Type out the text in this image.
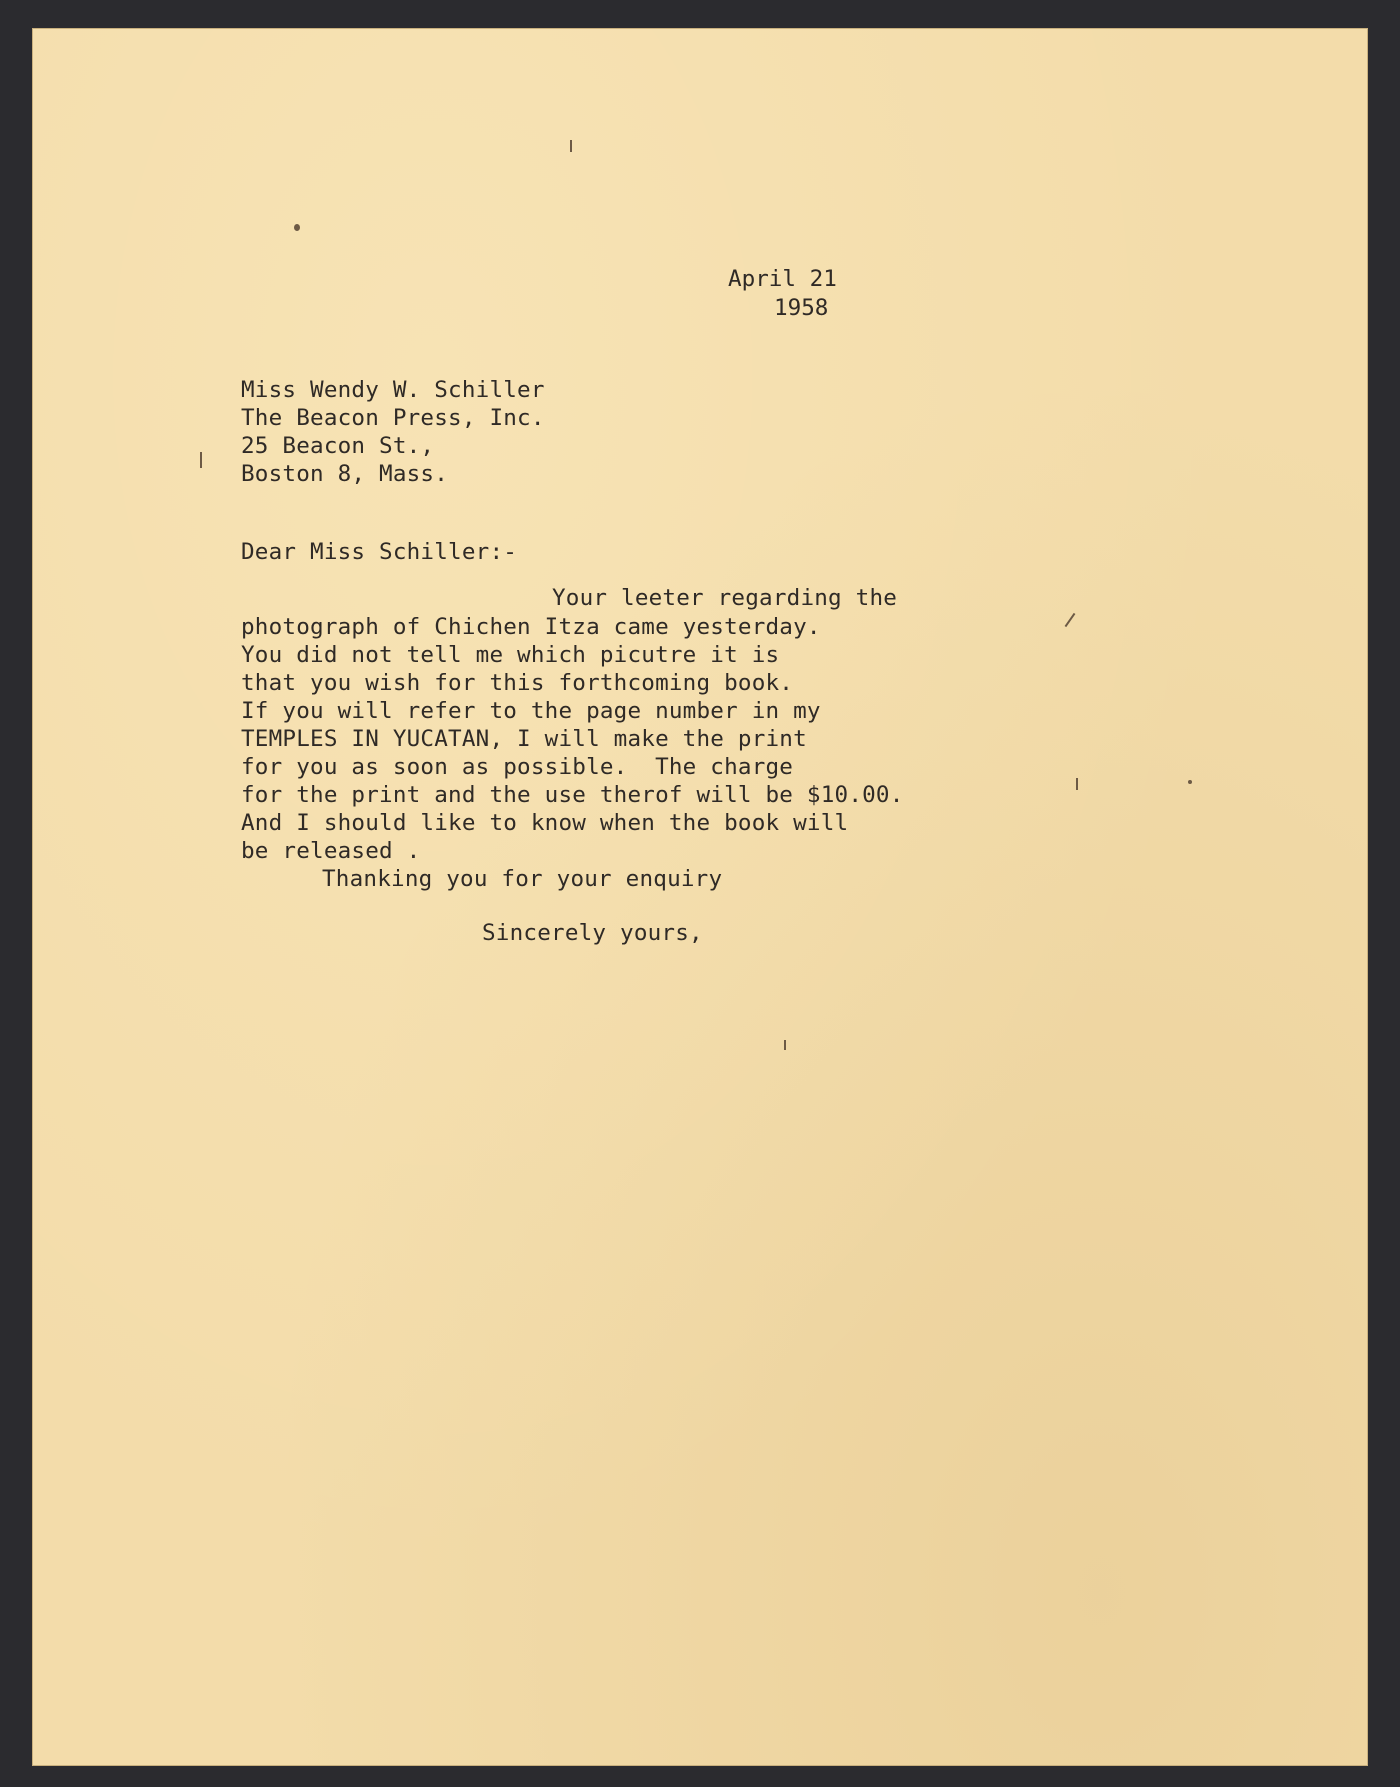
April 21
1958
Miss Wendy W. Schiller
The Beacon Press, Inc.
25 Beacon St.,
Boston 8, Mass.
Dear Miss Schiller:-
Your leeter regarding the
photograph of Chichen Itza came yesterday.
You did not tell me which picutre it is
that you wish for this forthcoming book.
If you will refer to the page number in my
TEMPLES IN YUCATAN, I will make the print
for you as soon as possible.  The charge
for the print and the use therof will be $10.00.
And I should like to know when the book will
be released .
Thanking you for your enquiry
Sincerely yours,
